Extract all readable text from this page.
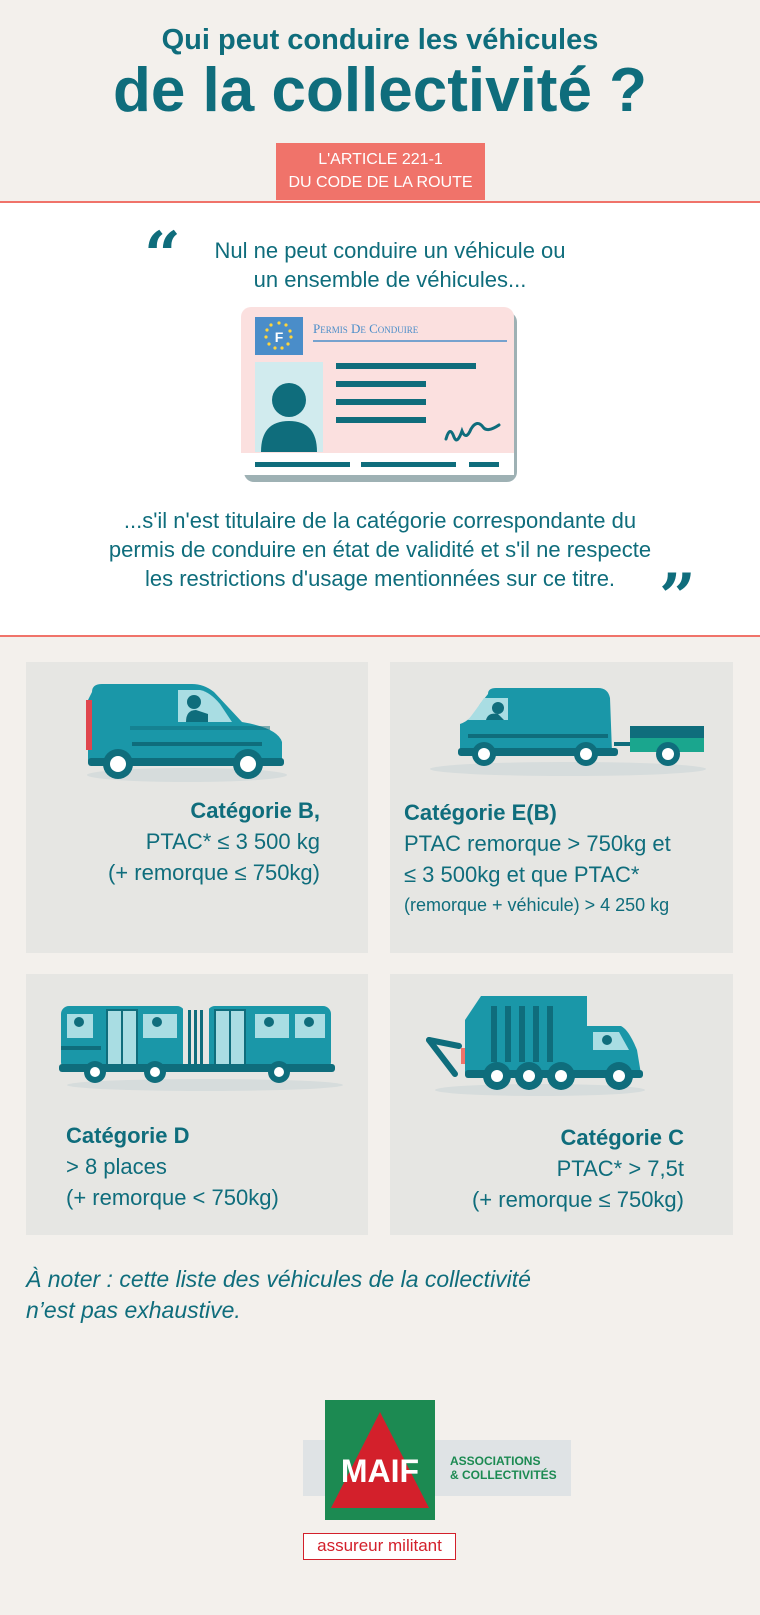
Qui peut conduire les véhicules
de la collectivité ?
L'ARTICLE 221-1
DU CODE DE LA ROUTE
“	Nul ne peut conduire un véhicule ou
un ensemble de véhicules...
F
Permis De Conduire
...s'il n'est titulaire de la catégorie correspondante du
permis de conduire en état de validité et s'il ne respecte
les restrictions d'usage mentionnées sur ce titre. ”
Catégorie B,
PTAC* ≤ 3 500 kg
(+ remorque ≤ 750kg)
Catégorie E(B)
PTAC remorque > 750kg et
≤ 3 500kg et que PTAC*
(remorque + véhicule) > 4 250 kg
Catégorie D
> 8 places
(+ remorque < 750kg)
Catégorie C
PTAC* > 7,5t
(+ remorque ≤ 750kg)
À noter : cette liste des véhicules de la collectivité
n’est pas exhaustive.
MAIF	ASSOCIATIONS
& COLLECTIVITÉS
assureur militant
